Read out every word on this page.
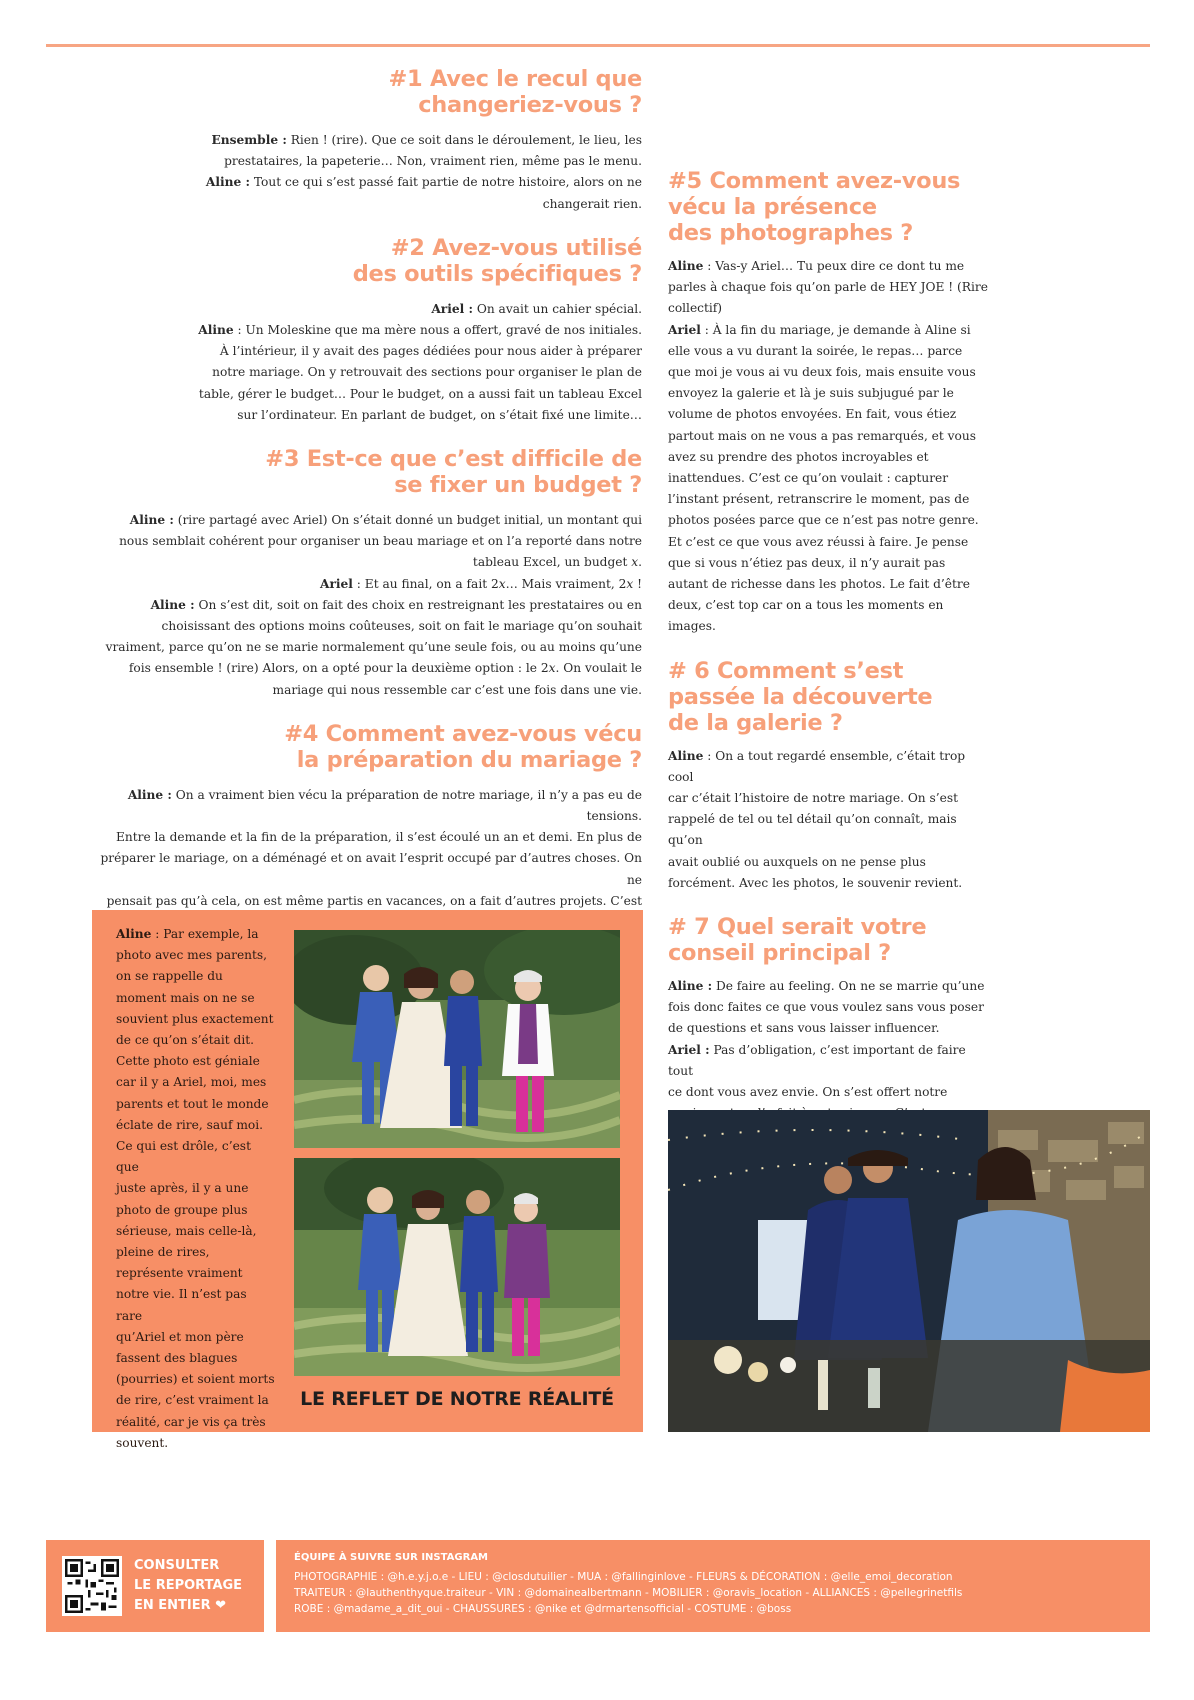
#1 Avec le recul que
changeriez-vous ?

Ensemble : Rien ! (rire). Que ce soit dans le déroulement, le lieu, les
prestataires, la papeterie… Non, vraiment rien, même pas le menu.

Aline : Tout ce qui s’est passé fait partie de notre histoire, alors on ne
changerait rien.

#2 Avez-vous utilisé
des outils spécifiques ?

Ariel : On avait un cahier spécial.

Aline : Un Moleskine que ma mère nous a offert, gravé de nos initiales.
À l’intérieur, il y avait des pages dédiées pour nous aider à préparer
notre mariage. On y retrouvait des sections pour organiser le plan de
table, gérer le budget… Pour le budget, on a aussi fait un tableau Excel
sur l’ordinateur. En parlant de budget, on s’était fixé une limite…

#3 Est-ce que c’est difficile de
se fixer un budget ?

Aline : (rire partagé avec Ariel) On s’était donné un budget initial, un montant qui
nous semblait cohérent pour organiser un beau mariage et on l’a reporté dans notre
tableau Excel, un budget 𝑥.

Ariel : Et au final, on a fait 2𝑥… Mais vraiment, 2𝑥 !

Aline : On s’est dit, soit on fait des choix en restreignant les prestataires ou en
choisissant des options moins coûteuses, soit on fait le mariage qu’on souhait
vraiment, parce qu’on ne se marie normalement qu’une seule fois, ou au moins qu’une
fois ensemble ! (rire) Alors, on a opté pour la deuxième option : le 2𝑥. On voulait le
mariage qui nous ressemble car c’est une fois dans une vie.

#4 Comment avez-vous vécu
la préparation du mariage ?

Aline : On a vraiment bien vécu la préparation de notre mariage, il n’y a pas eu de tensions.
Entre la demande et la fin de la préparation, il s’est écoulé un an et demi. En plus de
préparer le mariage, on a déménagé et on avait l’esprit occupé par d’autres choses. On ne
pensait pas qu’à cela, on est même partis en vacances, on a fait d’autres projets. C’est

#5 Comment avez-vous
vécu la présence
des photographes ?

Aline : Vas-y Ariel… Tu peux dire ce dont tu me
parles à chaque fois qu’on parle de HEY JOE ! (Rire
collectif)

Ariel : À la fin du mariage, je demande à Aline si
elle vous a vu durant la soirée, le repas… parce
que moi je vous ai vu deux fois, mais ensuite vous
envoyez la galerie et là je suis subjugué par le
volume de photos envoyées. En fait, vous étiez
partout mais on ne vous a pas remarqués, et vous
avez su prendre des photos incroyables et
inattendues. C’est ce qu’on voulait : capturer
l’instant présent, retranscrire le moment, pas de
photos posées parce que ce n’est pas notre genre.
Et c’est ce que vous avez réussi à faire. Je pense
que si vous n’étiez pas deux, il n’y aurait pas
autant de richesse dans les photos. Le fait d’être
deux, c’est top car on a tous les moments en
images.

# 6 Comment s’est
passée la découverte
de la galerie ?

Aline : On a tout regardé ensemble, c’était trop cool
car c’était l’histoire de notre mariage. On s’est
rappelé de tel ou tel détail qu’on connaît, mais qu’on
avait oublié ou auxquels on ne pense plus
forcément. Avec les photos, le souvenir revient.

# 7 Quel serait votre
conseil principal ?

Aline : De faire au feeling. On ne se marrie qu’une
fois donc faites ce que vous voulez sans vous poser
de questions et sans vous laisser influencer.

Ariel : Pas d’obligation, c’est important de faire tout
ce dont vous avez envie. On s’est offert notre

Aline : Par exemple, la
photo avec mes parents,
on se rappelle du
moment mais on ne se
souvient plus exactement
de ce qu’on s’était dit.
Cette photo est géniale
car il y a Ariel, moi, mes
parents et tout le monde
éclate de rire, sauf moi.
Ce qui est drôle, c’est que
juste après, il y a une
photo de groupe plus
sérieuse, mais celle-là,
pleine de rires,
représente vraiment
notre vie. Il n’est pas rare
qu’Ariel et mon père
fassent des blagues
(pourries) et soient morts
de rire, c’est vraiment la
réalité, car je vis ça très
souvent.
LE REFLET DE NOTRE RÉALITÉ
CONSULTER
LE REPORTAGE
EN ENTIER ❤
ÉQUIPE À SUIVRE SUR INSTAGRAM

PHOTOGRAPHIE : @h.e.y.j.o.e - LIEU : @closdutuilier - MUA : @fallinginlove - FLEURS & DÉCORATION : @elle_emoi_decoration

TRAITEUR : @lauthenthyque.traiteur - VIN : @domainealbertmann - MOBILIER : @oravis_location - ALLIANCES : @pellegrinetfils

ROBE : @madame_a_dit_oui - CHAUSSURES : @nike et @drmartensofficial - COSTUME : @boss
